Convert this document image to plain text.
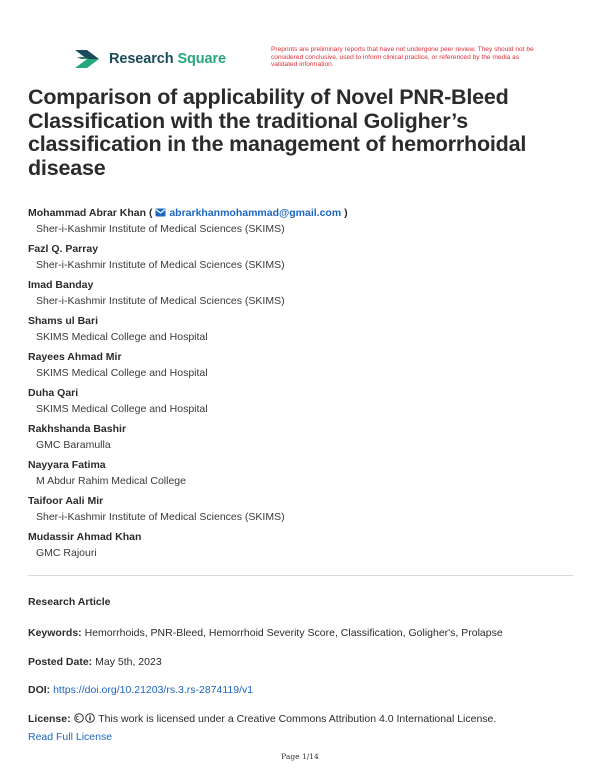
Research Square
Preprints are preliminary reports that have not undergone peer review. They should not be considered conclusive, used to inform clinical practice, or referenced by the media as validated information.
Comparison of applicability of Novel PNR-Bleed Classification with the traditional Goligher’s classification in the management of hemorrhoidal disease
Mohammad Abrar Khan ( abrarkhanmohammad@gmail.com )
Sher-i-Kashmir Institute of Medical Sciences (SKIMS)
Fazl Q. Parray
Sher-i-Kashmir Institute of Medical Sciences (SKIMS)
Imad Banday
Sher-i-Kashmir Institute of Medical Sciences (SKIMS)
Shams ul Bari
SKIMS Medical College and Hospital
Rayees Ahmad Mir
SKIMS Medical College and Hospital
Duha Qari
SKIMS Medical College and Hospital
Rakhshanda Bashir
GMC Baramulla
Nayyara Fatima
M Abdur Rahim Medical College
Taifoor Aali Mir
Sher-i-Kashmir Institute of Medical Sciences (SKIMS)
Mudassir Ahmad Khan
GMC Rajouri
Research Article
Keywords: Hemorrhoids, PNR-Bleed, Hemorrhoid Severity Score, Classification, Goligher's, Prolapse
Posted Date: May 5th, 2023
DOI: https://doi.org/10.21203/rs.3.rs-2874119/v1
License:	This work is licensed under a Creative Commons Attribution 4.0 International License.
Read Full License
Page 1/14
